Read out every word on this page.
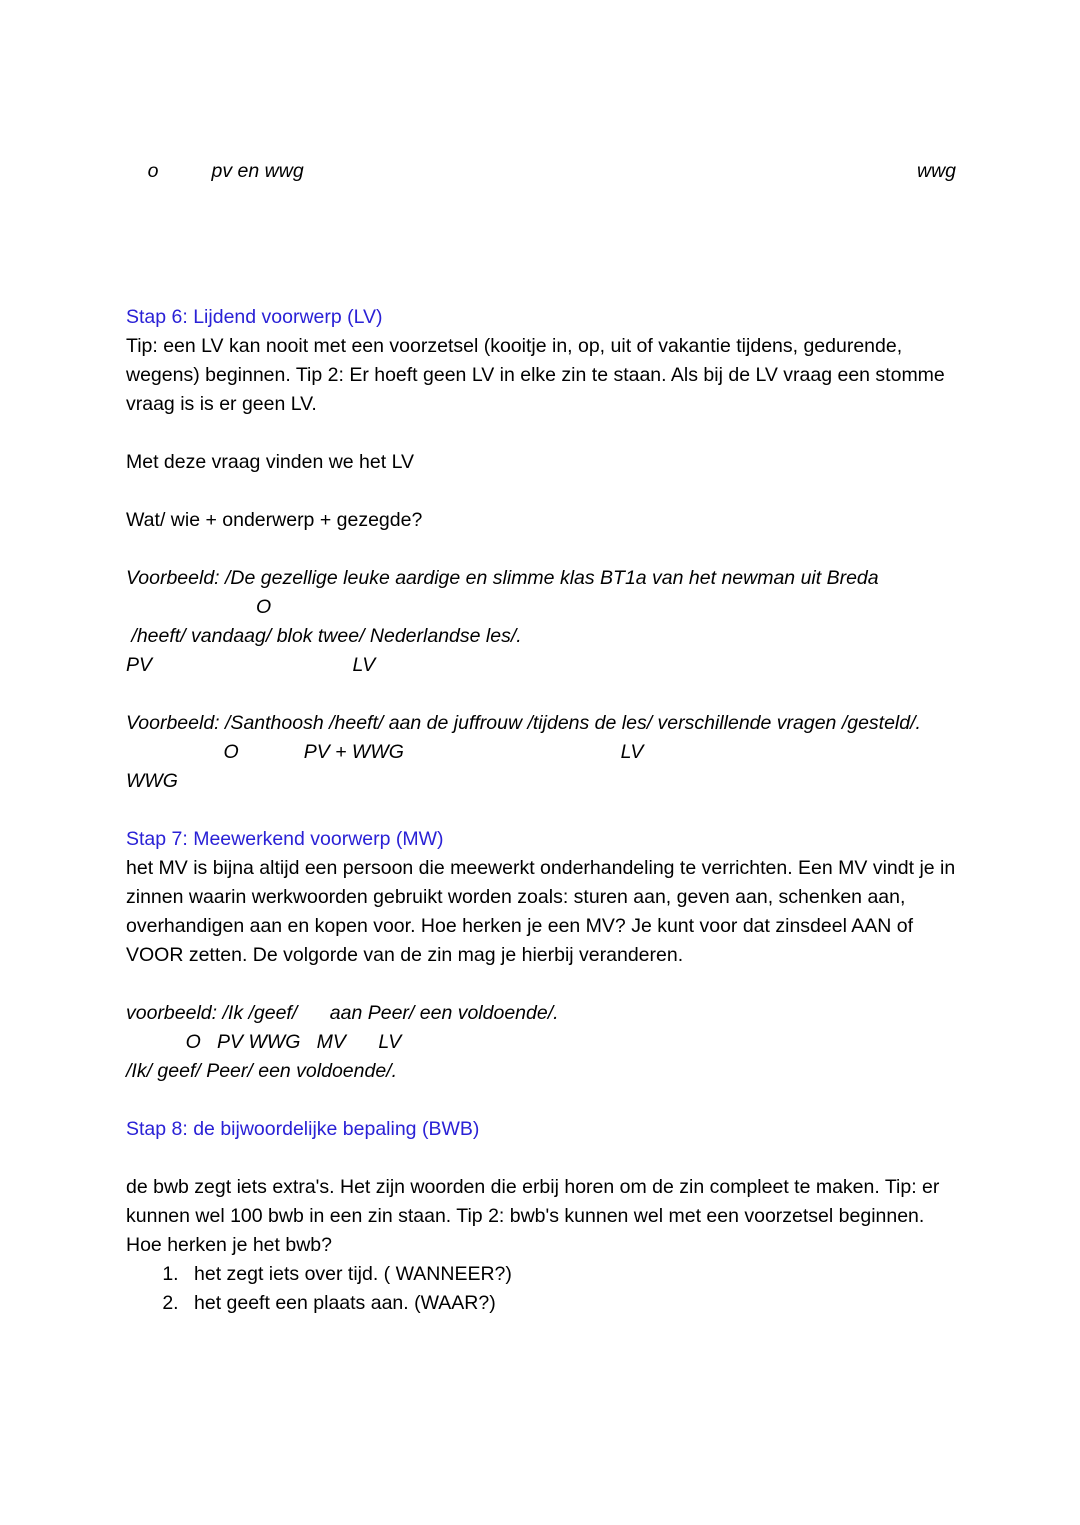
o	pv en wwg	wwg

Stap 6: Lijdend voorwerp (LV)
Tip: een LV kan nooit met een voorzetsel (kooitje in, op, uit of vakantie tijdens, gedurende, wegens) beginnen. Tip 2: Er hoeft geen LV in elke zin te staan. Als bij de LV vraag een stomme vraag is is er geen LV.
Met deze vraag vinden we het LV
Wat/ wie + onderwerp + gezegde?
Voorbeeld: /De gezellige leuke aardige en slimme klas BT1a van het newman uit Breda
O
/heeft/ vandaag/ blok twee/ Nederlandse les/.
PV                                     LV
Voorbeeld: /Santhoosh /heeft/ aan de juffrouw /tijdens de les/ verschillende vragen /gesteld/.
O            PV + WWG                                        LV
WWG
Stap 7: Meewerkend voorwerp (MW)
het MV is bijna altijd een persoon die meewerkt onderhandeling te verrichten. Een MV vindt je in zinnen waarin werkwoorden gebruikt worden zoals: sturen aan, geven aan, schenken aan, overhandigen aan en kopen voor. Hoe herken je een MV? Je kunt voor dat zinsdeel AAN of VOOR zetten. De volgorde van de zin mag je hierbij veranderen.
voorbeeld: /Ik /geef/      aan Peer/ een voldoende/.
O   PV WWG   MV      LV
/Ik/ geef/ Peer/ een voldoende/.
Stap 8: de bijwoordelijke bepaling (BWB)
de bwb zegt iets extra's. Het zijn woorden die erbij horen om de zin compleet te maken. Tip: er kunnen wel 100 bwb in een zin staan. Tip 2: bwb's kunnen wel met een voorzetsel beginnen. Hoe herken je het bwb?
1. het zegt iets over tijd. ( WANNEER?)
2. het geeft een plaats aan. (WAAR?)
